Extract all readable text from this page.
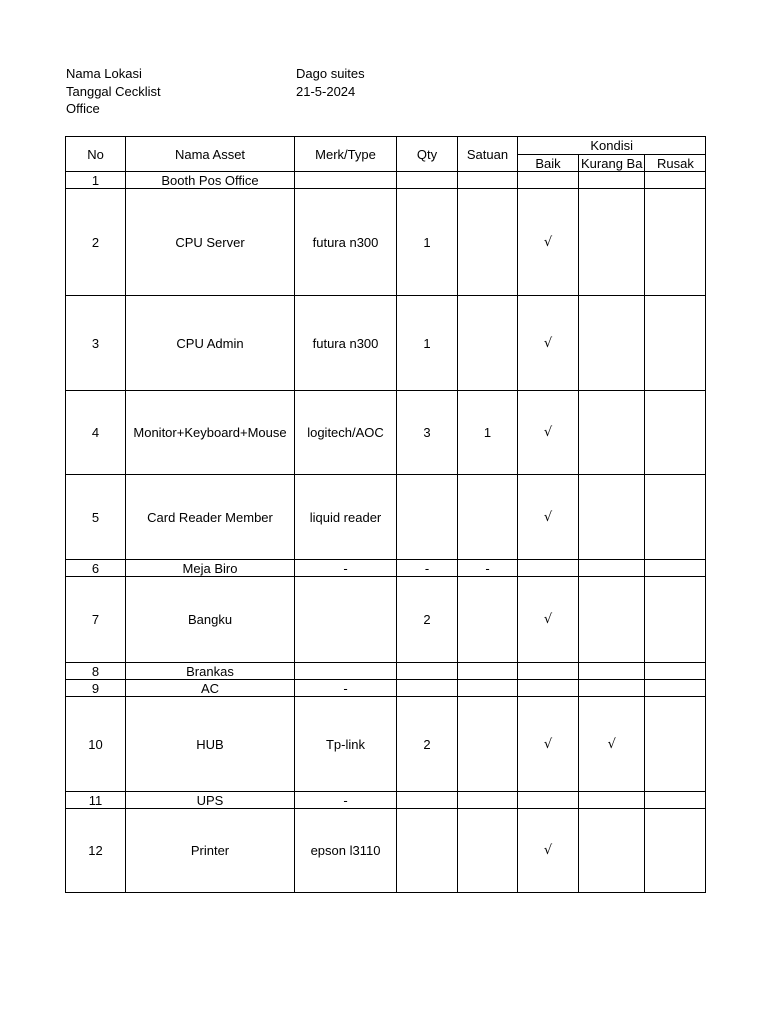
Nama Lokasi	Dago suites
Tanggal Cecklist	21-5-2024
Office
No	Nama Asset	Merk/Type	Qty	Satuan	Kondisi		
					Baik	Kurang Ba	Rusak
1	Booth Pos Office						
2	CPU Server	futura n300	1		√		
3	CPU Admin	futura n300	1		√		
4	Monitor+Keyboard+Mouse	logitech/AOC	3	1	√		
5	Card Reader Member	liquid reader			√		
6	Meja Biro	-	-	-			
7	Bangku		2		√		
8	Brankas						
9	AC	-					
10	HUB	Tp-link	2		√	√	
11	UPS	-					
12	Printer	epson l3110			√		
